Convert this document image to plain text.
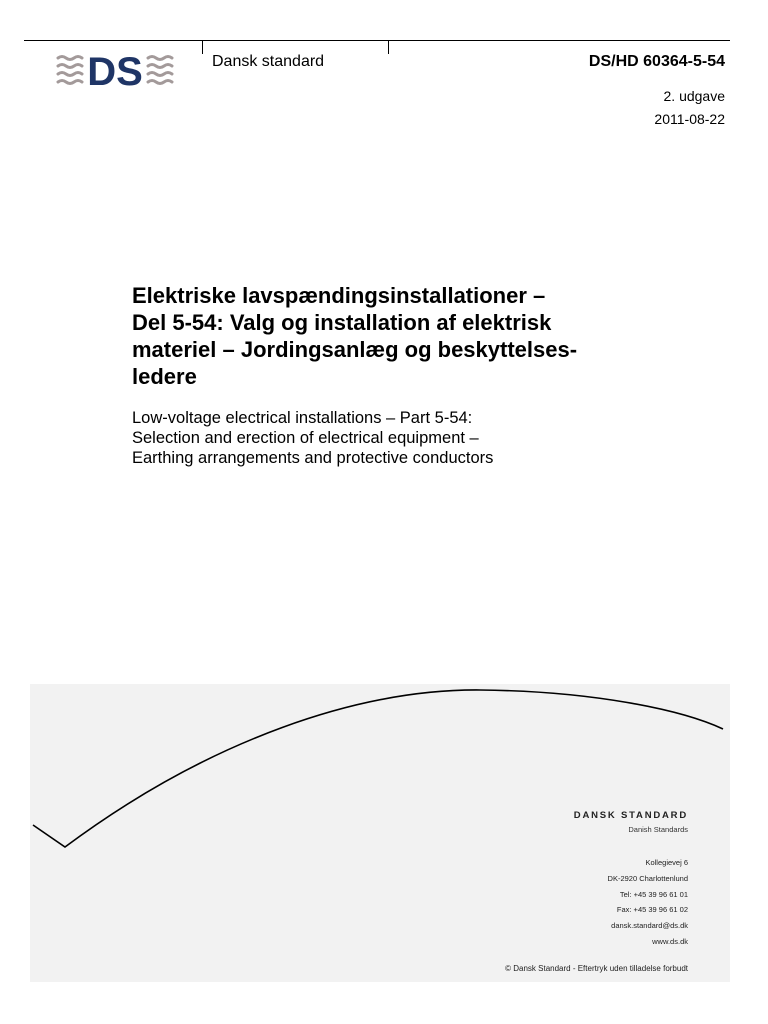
DS	Dansk standard	DS/HD 60364-5-54
2. udgave
2011-08-22
Elektriske lavspændingsinstallationer –
Del 5-54: Valg og installation af elektrisk
materiel – Jordingsanlæg og beskyttelses-
ledere
Low-voltage electrical installations – Part 5-54:
Selection and erection of electrical equipment –
Earthing arrangements and protective conductors
DANSK STANDARD
Danish Standards
Kollegievej 6
DK-2920 Charlottenlund
Tel: +45 39 96 61 01
Fax: +45 39 96 61 02
dansk.standard@ds.dk
www.ds.dk
© Dansk Standard - Eftertryk uden tilladelse forbudt
